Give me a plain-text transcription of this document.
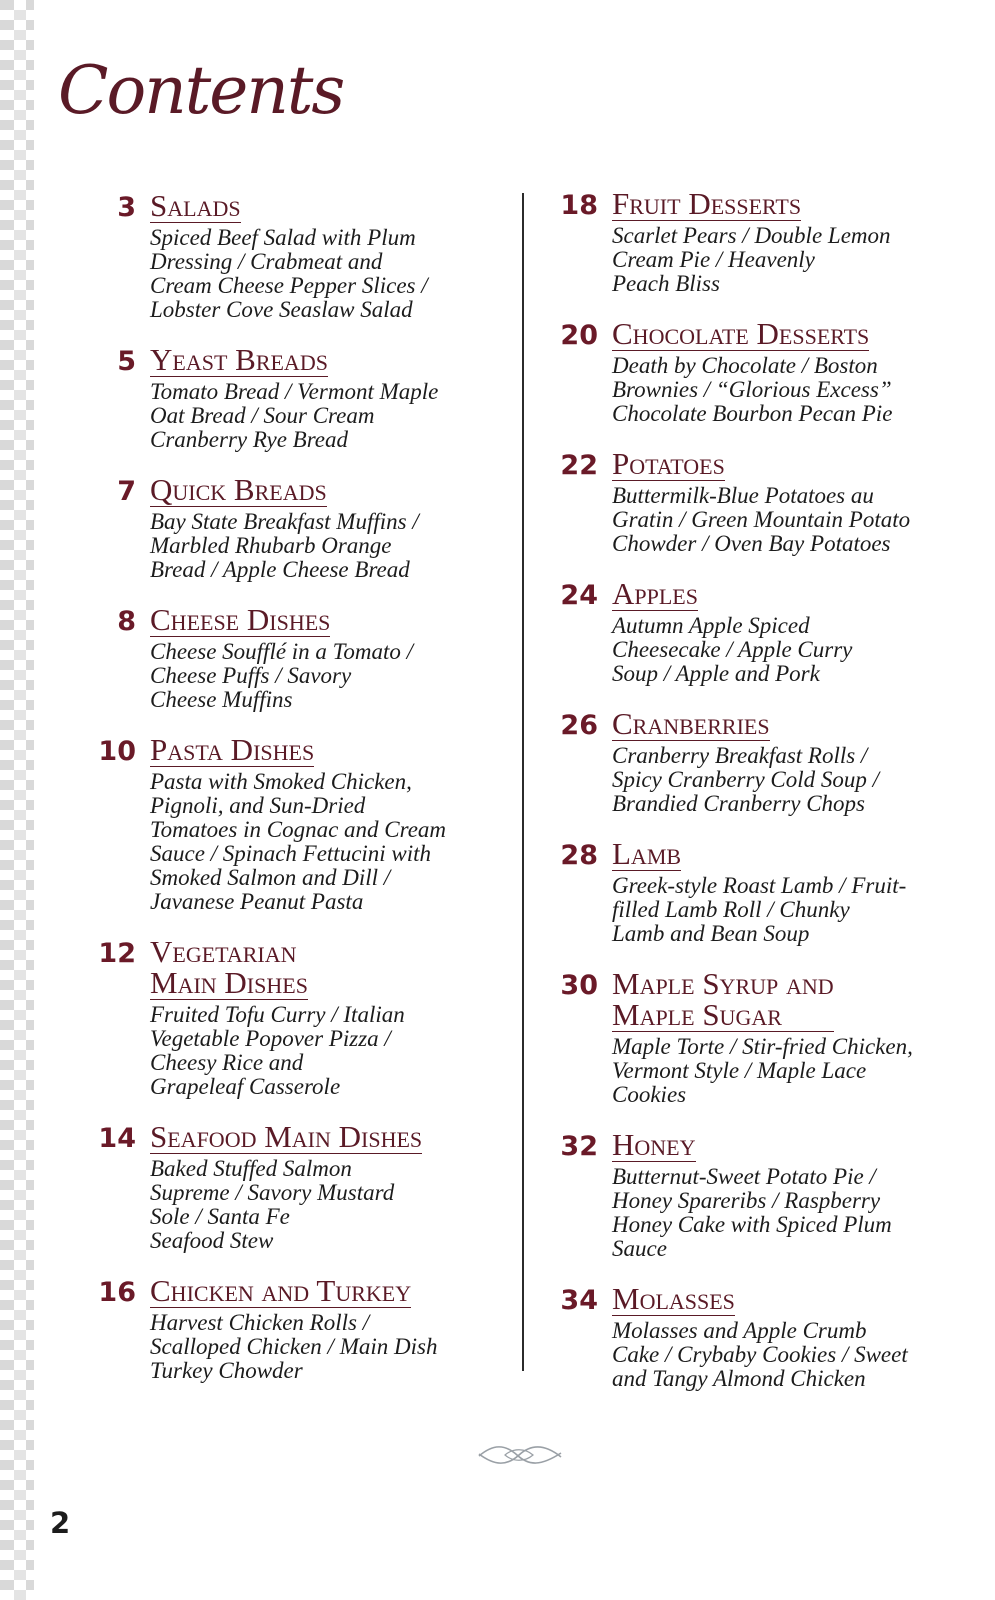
Contents
3 Salads
Spiced Beef Salad with Plum
Dressing / Crabmeat and
Cream Cheese Pepper Slices /
Lobster Cove Seaslaw Salad
5 Yeast Breads
Tomato Bread / Vermont Maple
Oat Bread / Sour Cream
Cranberry Rye Bread
7 Quick Breads
Bay State Breakfast Muffins /
Marbled Rhubarb Orange
Bread / Apple Cheese Bread
8 Cheese Dishes
Cheese Soufflé in a Tomato /
Cheese Puffs / Savory
Cheese Muffins
10 Pasta Dishes
Pasta with Smoked Chicken,
Pignoli, and Sun-Dried
Tomatoes in Cognac and Cream
Sauce / Spinach Fettucini with
Smoked Salmon and Dill /
Javanese Peanut Pasta
12 Vegetarian
Main Dishes
Fruited Tofu Curry / Italian
Vegetable Popover Pizza /
Cheesy Rice and
Grapeleaf Casserole
14 Seafood Main Dishes
Baked Stuffed Salmon
Supreme / Savory Mustard
Sole / Santa Fe
Seafood Stew
16 Chicken and Turkey
Harvest Chicken Rolls /
Scalloped Chicken / Main Dish
Turkey Chowder
18 Fruit Desserts
Scarlet Pears / Double Lemon
Cream Pie / Heavenly
Peach Bliss
20 Chocolate Desserts
Death by Chocolate / Boston
Brownies / “Glorious Excess”
Chocolate Bourbon Pecan Pie
22 Potatoes
Buttermilk-Blue Potatoes au
Gratin / Green Mountain Potato
Chowder / Oven Bay Potatoes
24 Apples
Autumn Apple Spiced
Cheesecake / Apple Curry
Soup / Apple and Pork
26 Cranberries
Cranberry Breakfast Rolls /
Spicy Cranberry Cold Soup /
Brandied Cranberry Chops
28 Lamb
Greek-style Roast Lamb / Fruit-
filled Lamb Roll / Chunky
Lamb and Bean Soup
30 Maple Syrup and
Maple Sugar
Maple Torte / Stir-fried Chicken,
Vermont Style / Maple Lace
Cookies
32 Honey
Butternut-Sweet Potato Pie /
Honey Spareribs / Raspberry
Honey Cake with Spiced Plum
Sauce
34 Molasses
Molasses and Apple Crumb
Cake / Crybaby Cookies / Sweet
and Tangy Almond Chicken
2
